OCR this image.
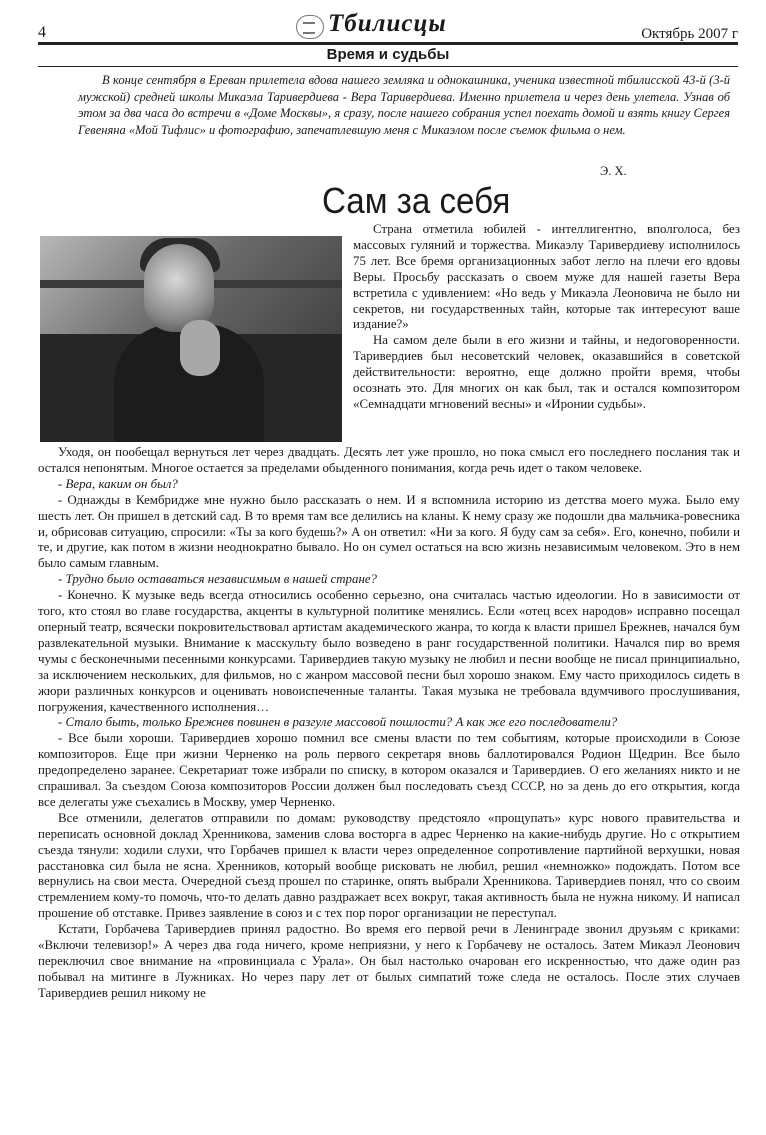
4	Тбилисцы	Октябрь 2007 г
Время и судьбы
В конце сентября в Ереван прилетела вдова нашего земляка и однокашника, ученика известной тбилисской 43-й (3-й мужской) средней школы Микаэла Таривердиева - Вера Таривердиева. Именно прилетела и через день улетела. Узнав об этом за два часа до встречи в «Доме Москвы», я сразу, после нашего собрания успел поехать домой и взять книгу Сергея Гевеняна «Мой Тифлис» и фотографию, запечатлевшую меня с Микаэлом после съемок фильма о нем.
Э. Х.
Сам за себя

Страна отметила юбилей - интеллигентно, вполголоса, без массовых гуляний и торжества. Микаэлу Таривердиеву исполнилось 75 лет. Все бремя организационных забот легло на плечи его вдовы Веры. Просьбу рассказать о своем муже для нашей газеты Вера встретила с удивлением: «Но ведь у Микаэла Леоновича не было ни секретов, ни государственных тайн, которые так интересуют ваше издание?»

На самом деле были в его жизни и тайны, и недоговоренности. Таривердиев был несоветский человек, оказавшийся в советской действительности: вероятно, еще должно пройти время, чтобы осознать это. Для многих он как был, так и остался композитором «Семнадцати мгновений весны» и «Иронии судьбы».

Уходя, он пообещал вернуться лет через двадцать. Десять лет уже прошло, но пока смысл его последнего послания так и остался непонятым. Многое остается за пределами обыденного понимания, когда речь идет о таком человеке.

- Вера, каким он был?

- Однажды в Кембридже мне нужно было рассказать о нем. И я вспомнила историю из детства моего мужа. Было ему шесть лет. Он пришел в детский сад. В то время там все делились на кланы. К нему сразу же подошли два мальчика-ровесника и, обрисовав ситуацию, спросили: «Ты за кого будешь?» А он ответил: «Ни за кого. Я буду сам за себя». Его, конечно, побили и те, и другие, как потом в жизни неоднократно бывало. Но он сумел остаться на всю жизнь независимым человеком. Это в нем было самым главным.

- Трудно было оставаться независимым в нашей стране?

- Конечно. К музыке ведь всегда относились особенно серьезно, она считалась частью идеологии. Но в зависимости от того, кто стоял во главе государства, акценты в культурной политике менялись. Если «отец всех народов» исправно посещал оперный театр, всячески покровительствовал артистам академического жанра, то когда к власти пришел Брежнев, начался бум развлекательной музыки. Внимание к масскульту было возведено в ранг государственной политики. Начался пир во время чумы с бесконечными песенными конкурсами. Таривердиев такую музыку не любил и песни вообще не писал принципиально, за исключением нескольких, для фильмов, но с жанром массовой песни был хорошо знаком. Ему часто приходилось сидеть в жюри различных конкурсов и оценивать новоиспеченные таланты. Такая музыка не требовала вдумчивого прослушивания, погружения, качественного исполнения…

- Стало быть, только Брежнев повинен в разгуле массовой пошлости? А как же его последователи?

- Все были хороши. Таривердиев хорошо помнил все смены власти по тем событиям, которые происходили в Союзе композиторов. Еще при жизни Черненко на роль первого секретаря вновь баллотировался Родион Щедрин. Все было предопределено заранее. Секретариат тоже избрали по списку, в котором оказался и Таривердиев. О его желаниях никто и не спрашивал. За съездом Союза композиторов России должен был последовать съезд СССР, но за день до его открытия, когда все делегаты уже съехались в Москву, умер Черненко.

Все отменили, делегатов отправили по домам: руководству предстояло «прощупать» курс нового правительства и переписать основной доклад Хренникова, заменив слова восторга в адрес Черненко на какие-нибудь другие. Но с открытием съезда тянули: ходили слухи, что Горбачев пришел к власти через определенное сопротивление партийной верхушки, новая расстановка сил была не ясна. Хренников, который вообще рисковать не любил, решил «немножко» подождать. Потом все вернулись на свои места. Очередной съезд прошел по старинке, опять выбрали Хренникова. Таривердиев понял, что со своим стремлением кому-то помочь, что-то делать давно раздражает всех вокруг, такая активность была не нужна никому. И написал прошение об отставке. Привез заявление в союз и с тех пор порог организации не переступал.

Кстати, Горбачева Таривердиев принял радостно. Во время его первой речи в Ленинграде звонил друзьям с криками: «Включи телевизор!» А через два года ничего, кроме неприязни, у него к Горбачеву не осталось. Затем Микаэл Леонович переключил свое внимание на «провинциала с Урала». Он был настолько очарован его искренностью, что даже один раз побывал на митинге в Лужниках. Но через пару лет от былых симпатий тоже следа не осталось. После этих случаев Таривердиев решил никому не
